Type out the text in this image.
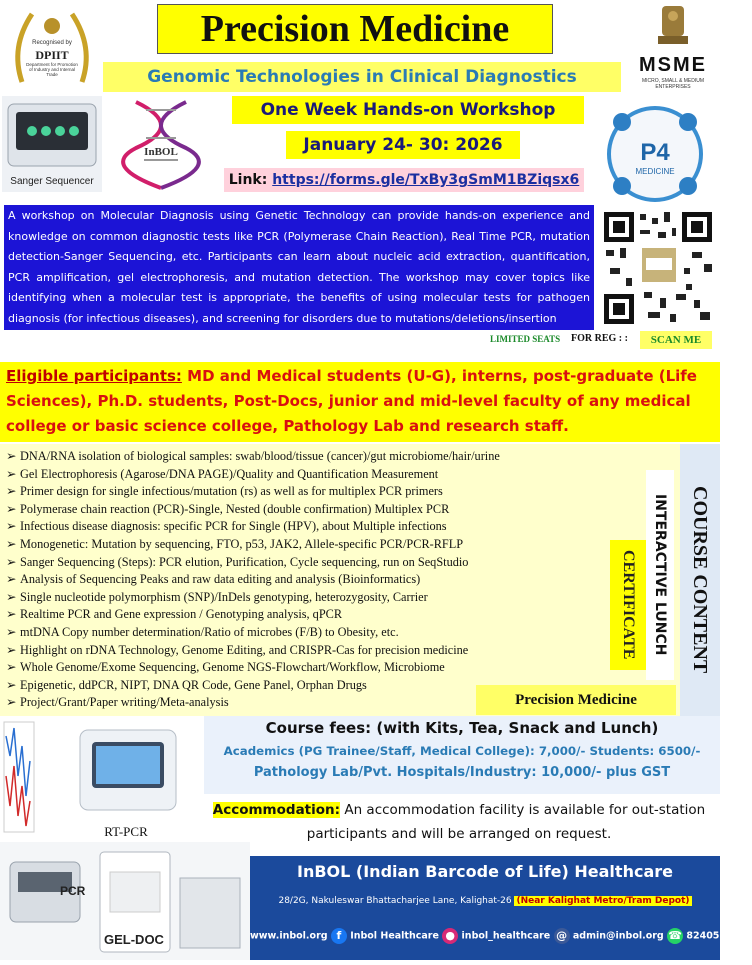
Recognised by
DPIIT
Department for Promotion of Industry and Internal Trade
Precision Medicine
MSME
MICRO, SMALL & MEDIUM ENTERPRISES
Genomic Technologies in Clinical Diagnostics
Sanger Sequencer
InBOL
One Week Hands-on Workshop
January 24- 30: 2026
Link: https://forms.gle/TxBy3gSmM1BZiqsx6
P4
MEDICINE
A workshop on Molecular Diagnosis using Genetic Technology can provide hands-on experience and knowledge on common diagnostic tests like PCR (Polymerase Chain Reaction), Real Time PCR, mutation detection-Sanger Sequencing, etc. Participants can learn about nucleic acid extraction, quantification, PCR amplification, gel electrophoresis, and mutation detection. The workshop may cover topics like identifying when a molecular test is appropriate, the benefits of using molecular tests for pathogen diagnosis (for infectious diseases), and screening for disorders due to mutations/deletions/insertion
LIMITED SEATS FOR REG : :	SCAN ME
Eligible participants: MD and Medical students (U-G), interns, post-graduate (Life Sciences), Ph.D. students, Post-Docs, junior and mid-level faculty of any medical college or basic science college, Pathology Lab and research staff.
➢ DNA/RNA isolation of biological samples: swab/blood/tissue (cancer)/gut microbiome/hair/urine
➢ Gel Electrophoresis (Agarose/DNA PAGE)/Quality and Quantification Measurement
➢ Primer design for single infectious/mutation (rs) as well as for multiplex PCR primers
➢ Polymerase chain reaction (PCR)-Single, Nested (double confirmation) Multiplex PCR
➢ Infectious disease diagnosis: specific PCR for Single (HPV), about Multiple infections
➢ Monogenetic: Mutation by sequencing, FTO, p53, JAK2, Allele-specific PCR/PCR-RFLP
➢ Sanger Sequencing (Steps): PCR elution, Purification, Cycle sequencing, run on SeqStudio
➢ Analysis of Sequencing Peaks and raw data editing and analysis (Bioinformatics)
➢ Single nucleotide polymorphism (SNP)/InDels genotyping, heterozygosity, Carrier
➢ Realtime PCR and Gene expression / Genotyping analysis, qPCR
➢ mtDNA Copy number determination/Ratio of microbes (F/B) to Obesity, etc.
➢ Highlight on rDNA Technology, Genome Editing, and CRISPR-Cas for precision medicine
➢ Whole Genome/Exome Sequencing, Genome NGS-Flowchart/Workflow, Microbiome
➢ Epigenetic, ddPCR, NIPT, DNA QR Code, Gene Panel, Orphan Drugs
➢ Project/Grant/Paper writing/Meta-analysis	Precision Medicine
CERTIFICATE	INTERACTIVE LUNCH	COURSE CONTENT
RT-PCR
Course fees: (with Kits, Tea, Snack and Lunch)
Academics (PG Trainee/Staff, Medical College): 7,000/- Students: 6500/-
Pathology Lab/Pvt. Hospitals/Industry: 10,000/- plus GST
Accommodation: An accommodation facility is available for out-station participants and will be arranged on request.
PCR
GEL-DOC
InBOL (Indian Barcode of Life) Healthcare
28/2G, Nakuleswar Bhattacharjee Lane, Kalighat-26 (Near Kalighat Metro/Tram Depot)
www.inbol.org f Inbol Healthcare ● inbol_healthcare @ admin@inbol.org ☎ 8240520979
